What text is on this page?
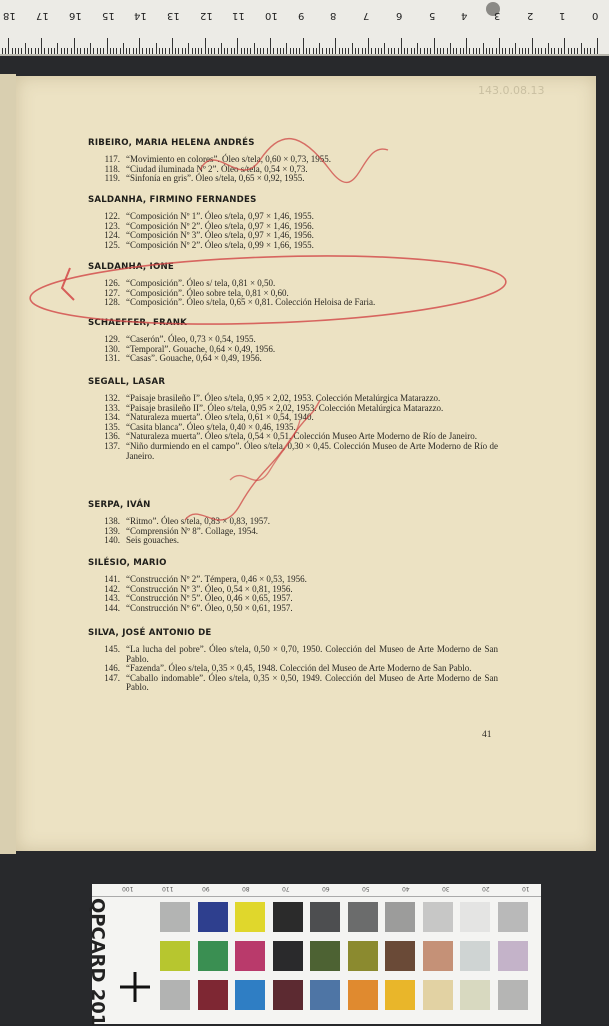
0
1
2
3
4
5
6
7
8
9
10
11
12
13
14
15
16
17
18
143.0.08.13
RIBEIRO, MARIA HELENA ANDRÉS
117. “Movimiento en colores”. Óleo s/tela, 0,60 × 0,73, 1955.
118. “Ciudad iluminada Nº 2”. Óleo s/tela, 0,54 × 0,73.
119. “Sinfonía en gris”. Óleo s/tela, 0,65 × 0,92, 1955.
SALDANHA, FIRMINO FERNANDES
122. “Composición Nº 1”. Óleo s/tela, 0,97 × 1,46, 1955.
123. “Composición Nº 2”. Óleo s/tela, 0,97 × 1,46, 1956.
124. “Composición Nº 3”. Óleo s/tela, 0,97 × 1,46, 1956.
125. “Composición Nº 2”. Óleo s/tela, 0,99 × 1,66, 1955.
SALDANHA, IONE
126. “Composición”. Óleo s/ tela, 0,81 × 0,50.
127. “Composición”. Óleo sobre tela, 0,81 × 0,60.
128. “Composición”. Óleo s/tela, 0,65 × 0,81. Colección Heloisa de Faria.
SCHAEFFER, FRANK
129. “Caserón”. Óleo, 0,73 × 0,54, 1955.
130. “Temporal”. Gouache, 0,64 × 0,49, 1956.
131. “Casas”. Gouache, 0,64 × 0,49, 1956.
SEGALL, LASAR
132. “Paisaje brasileño I”. Óleo s/tela, 0,95 × 2,02, 1953. Colección Metalúrgica Matarazzo.
133. “Paisaje brasileño II”. Óleo s/tela, 0,95 × 2,02, 1953. Colección Metalúrgica Matarazzo.
134. “Naturaleza muerta”. Óleo s/tela, 0,61 × 0,54, 1940.
135. “Casita blanca”. Óleo s/tela, 0,40 × 0,46, 1935.
136. “Naturaleza muerta”. Óleo s/tela, 0,54 × 0,51. Colección Museo Arte Moderno de Río de Janeiro.
137. “Niño durmiendo en el campo”. Óleo s/tela, 0,30 × 0,45. Colección Museo de Arte Moderno de Río de Janeiro.
SERPA, IVÁN
138. “Ritmo”. Óleo s/tela, 0,83 × 0,83, 1957.
139. “Comprensión Nº 8”. Collage, 1954.
140. Seis gouaches.
SILÉSIO, MARIO
141. “Construcción Nº 2”. Témpera, 0,46 × 0,53, 1956.
142. “Construcción Nº 3”. Óleo, 0,54 × 0,81, 1956.
143. “Construcción Nº 5”. Óleo, 0,46 × 0,65, 1957.
144. “Construcción Nº 6”. Óleo, 0,50 × 0,61, 1957.
SILVA, JOSÉ ANTONIO DE
145. “La lucha del pobre”. Óleo s/tela, 0,50 × 0,70, 1950. Colección del Museo de Arte Moderno de San Pablo.
146. “Fazenda”. Óleo s/tela, 0,35 × 0,45, 1948. Colección del Museo de Arte Moderno de San Pablo.
147. “Caballo indomable”. Óleo s/tela, 0,35 × 0,50, 1949. Colección del Museo de Arte Moderno de San Pablo.
41
100	110	90	80	70	60	50	40	30	20	10
QPCARD 201
